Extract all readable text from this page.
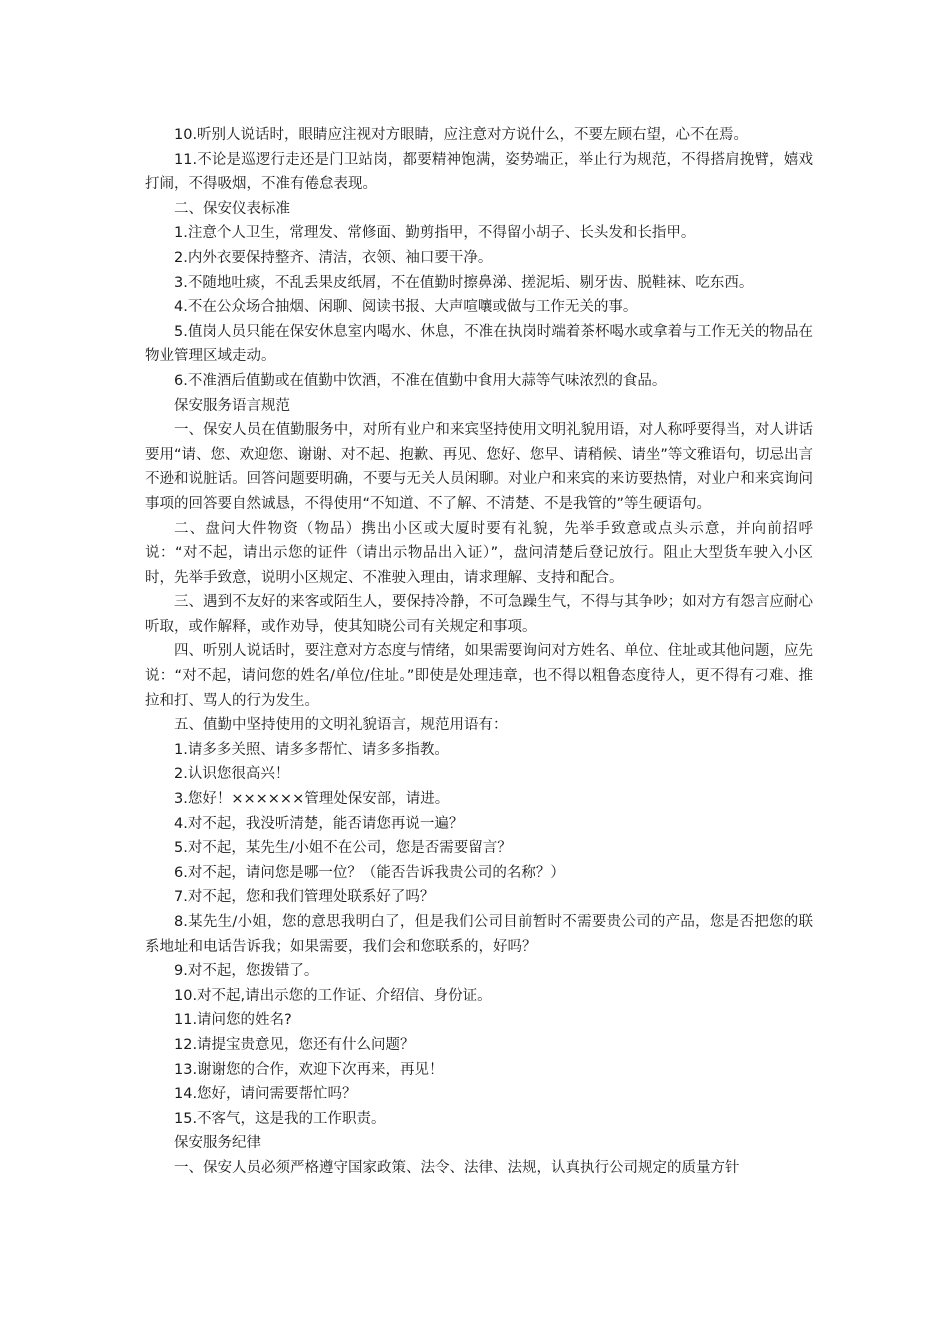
10.听别人说话时，眼睛应注视对方眼睛，应注意对方说什么，不要左顾右望，心不在焉。

11.不论是巡逻行走还是门卫站岗，都要精神饱满，姿势端正，举止行为规范，不得搭肩挽臂，嬉戏打闹，不得吸烟，不准有倦怠表现。

二、保安仪表标准

1.注意个人卫生，常理发、常修面、勤剪指甲，不得留小胡子、长头发和长指甲。

2.内外衣要保持整齐、清洁，衣领、袖口要干净。

3.不随地吐痰，不乱丢果皮纸屑，不在值勤时擦鼻涕、搓泥垢、剔牙齿、脱鞋袜、吃东西。

4.不在公众场合抽烟、闲聊、阅读书报、大声喧嚷或做与工作无关的事。

5.值岗人员只能在保安休息室内喝水、休息，不准在执岗时端着茶杯喝水或拿着与工作无关的物品在物业管理区域走动。

6.不准酒后值勤或在值勤中饮酒，不准在值勤中食用大蒜等气味浓烈的食品。

保安服务语言规范

一、保安人员在值勤服务中，对所有业户和来宾坚持使用文明礼貌用语，对人称呼要得当，对人讲话要用“请、您、欢迎您、谢谢、对不起、抱歉、再见、您好、您早、请稍候、请坐”等文雅语句，切忌出言不逊和说脏话。回答问题要明确，不要与无关人员闲聊。对业户和来宾的来访要热情，对业户和来宾询问事项的回答要自然诚恳，不得使用“不知道、不了解、不清楚、不是我管的”等生硬语句。

二、盘问大件物资（物品）携出小区或大厦时要有礼貌，先举手致意或点头示意，并向前招呼说：“对不起，请出示您的证件（请出示物品出入证）”，盘问清楚后登记放行。阻止大型货车驶入小区时，先举手致意，说明小区规定、不准驶入理由，请求理解、支持和配合。

三、遇到不友好的来客或陌生人，要保持冷静，不可急躁生气，不得与其争吵；如对方有怨言应耐心听取，或作解释，或作劝导，使其知晓公司有关规定和事项。

四、听别人说话时，要注意对方态度与情绪，如果需要询问对方姓名、单位、住址或其他问题，应先说：“对不起，请问您的姓名/单位/住址。”即使是处理违章，也不得以粗鲁态度待人，更不得有刁难、推拉和打、骂人的行为发生。

五、值勤中坚持使用的文明礼貌语言，规范用语有：

1.请多多关照、请多多帮忙、请多多指教。

2.认识您很高兴！

3.您好！××××××管理处保安部，请进。

4.对不起，我没听清楚，能否请您再说一遍？

5.对不起，某先生/小姐不在公司，您是否需要留言？

6.对不起，请问您是哪一位？（能否告诉我贵公司的名称？）

7.对不起，您和我们管理处联系好了吗？

8.某先生/小姐，您的意思我明白了，但是我们公司目前暂时不需要贵公司的产品，您是否把您的联系地址和电话告诉我；如果需要，我们会和您联系的，好吗？

9.对不起，您拨错了。

10.对不起,请出示您的工作证、介绍信、身份证。

11.请问您的姓名?

12.请提宝贵意见，您还有什么问题？

13.谢谢您的合作，欢迎下次再来，再见！

14.您好，请问需要帮忙吗？

15.不客气，这是我的工作职责。

保安服务纪律

一、保安人员必须严格遵守国家政策、法令、法律、法规，认真执行公司规定的质量方针
